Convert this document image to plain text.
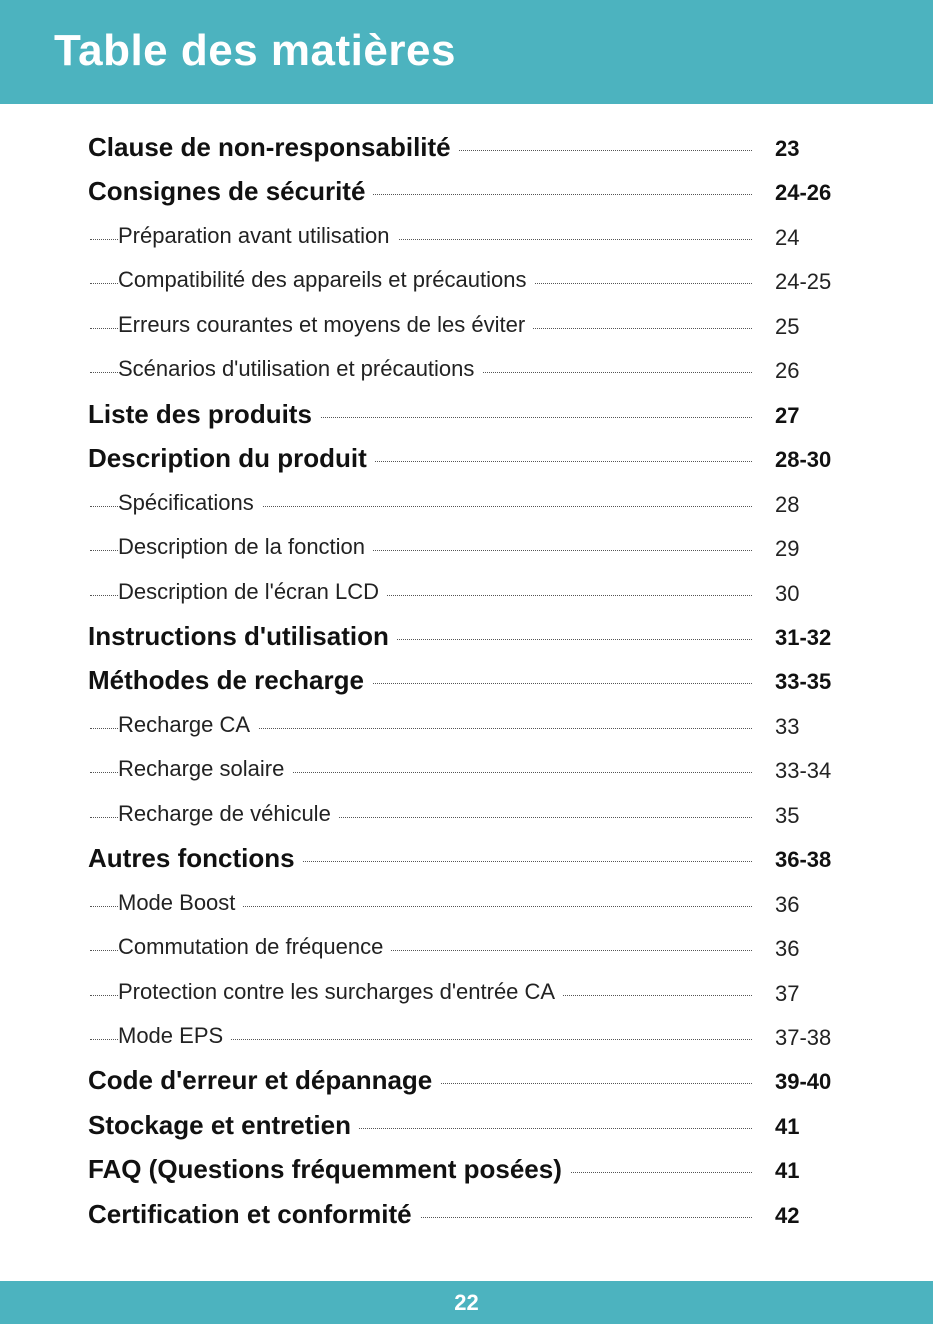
Table des matières
Clause de non-responsabilité	23
Consignes de sécurité	24-26
Préparation avant utilisation	24
Compatibilité des appareils et précautions	24-25
Erreurs courantes et moyens de les éviter	25
Scénarios d'utilisation et précautions	26
Liste des produits	27
Description du produit	28-30
Spécifications	28
Description de la fonction	29
Description de l'écran LCD	30
Instructions d'utilisation	31-32
Méthodes de recharge	33-35
Recharge CA	33
Recharge solaire	33-34
Recharge de véhicule	35
Autres fonctions	36-38
Mode Boost	36
Commutation de fréquence	36
Protection contre les surcharges d'entrée CA	37
Mode EPS	37-38
Code d'erreur et dépannage	39-40
Stockage et entretien	41
FAQ (Questions fréquemment posées)	41
Certification et conformité	42
22
